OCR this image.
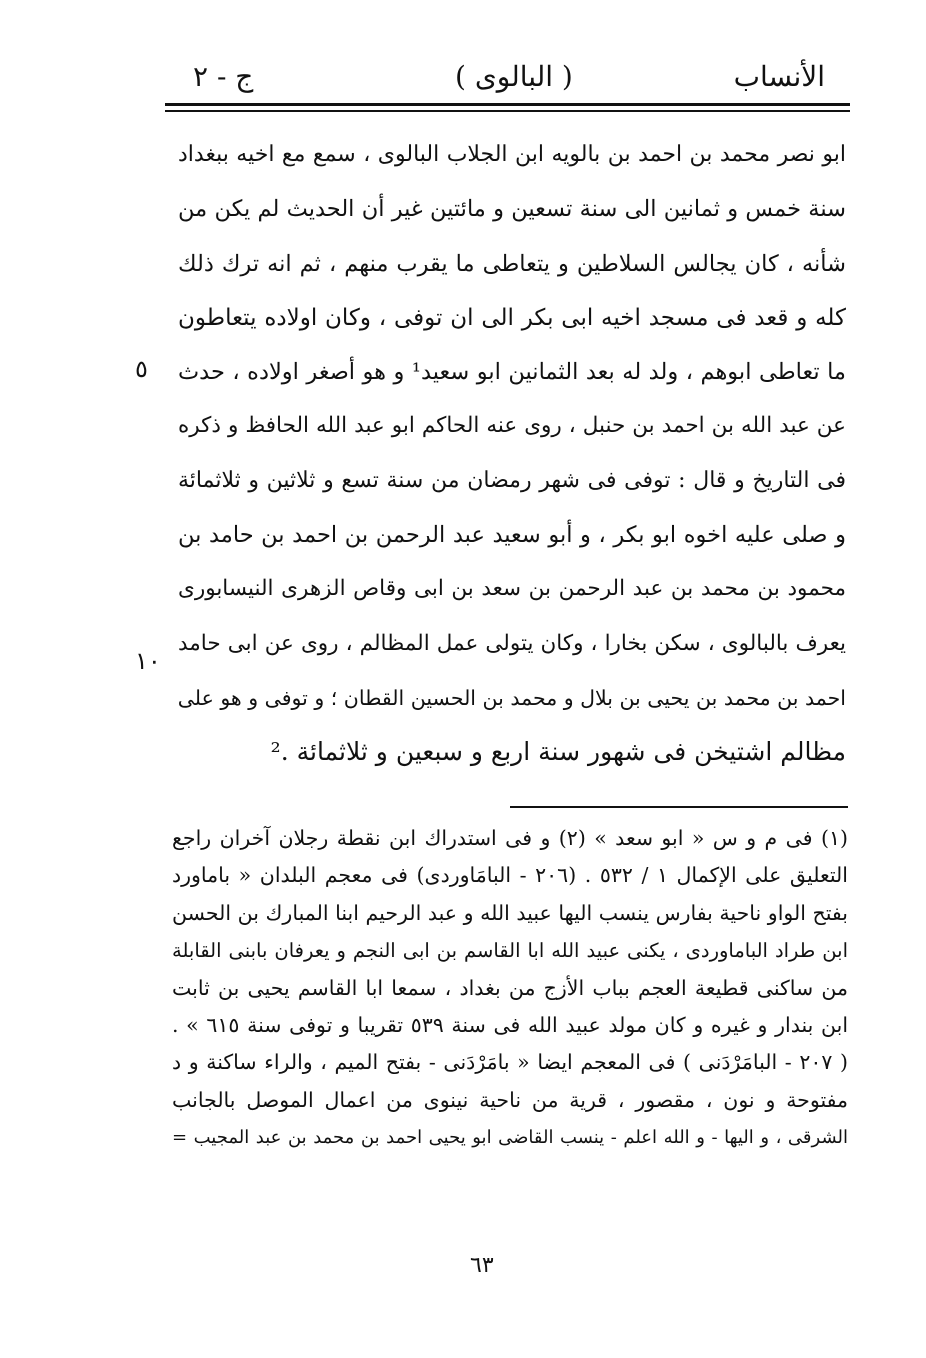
ج - ٢	( البالوى )	الأنساب
ابو نصر محمد بن احمد بن بالويه ابن الجلاب البالوى ، سمع مع اخيه ببغداد
سنة خمس و ثمانين الى سنة تسعين و مائتين غير أن الحديث لم يكن من
شأنه ، كان يجالس السلاطين و يتعاطى ما يقرب منهم ، ثم انه ترك ذلك
كله و قعد فى مسجد اخيه ابى بكر الى ان توفى ، وكان اولاده يتعاطون
ما تعاطى ابوهم ، ولد له بعد الثمانين ابو سعيد¹ و هو أصغر اولاده ، حدث
عن عبد الله بن احمد بن حنبل ، روى عنه الحاكم ابو عبد الله الحافظ و ذكره
فى التاريخ و قال : توفى فى شهر رمضان من سنة تسع و ثلاثين و ثلاثمائة
و صلى عليه اخوه ابو بكر ، و أبو سعيد عبد الرحمن بن احمد بن حامد بن
محمود بن محمد بن عبد الرحمن بن سعد بن ابى وقاص الزهرى النيسابورى
يعرف بالبالوى ، سكن بخارا ، وكان يتولى عمل المظالم ، روى عن ابى حامد
احمد بن محمد بن يحيى بن بلال و محمد بن الحسين القطان ؛ و توفى و هو على
مظالم اشتيخن فى شهور سنة اربع و سبعين و ثلاثمائة .²
٥
١٠
(١) فى م و س « ابو سعد » (٢) و فى استدراك ابن نقطة رجلان آخران راجع
التعليق على الإكمال ١ / ٥٣٢ . (٢٠٦ - البامَاوردى) فى معجم البلدان « باماورد
بفتح الواو ناحية بفارس ينسب اليها عبيد الله و عبد الرحيم ابنا المبارك بن الحسن
ابن طراد الباماوردى ، يكنى عبيد الله ابا القاسم بن ابى النجم و يعرفان بابنى القابلة
من ساكنى قطيعة العجم بباب الأزج من بغداد ، سمعا ابا القاسم يحيى بن ثابت
ابن بندار و غيره و كان مولد عبيد الله فى سنة ٥٣٩ تقريبا و توفى سنة ٦١٥ » .
( ٢٠٧ - البامَرْدَنى ) فى المعجم ايضا « بامَرْدَنى - بفتح الميم ، والراء ساكنة و د
مفتوحة و نون ، مقصور ، قرية من ناحية نينوى من اعمال الموصل بالجانب
الشرقى ، و اليها - و الله اعلم - ينسب القاضى ابو يحيى احمد بن محمد بن عبد المجيب =
٦٣
